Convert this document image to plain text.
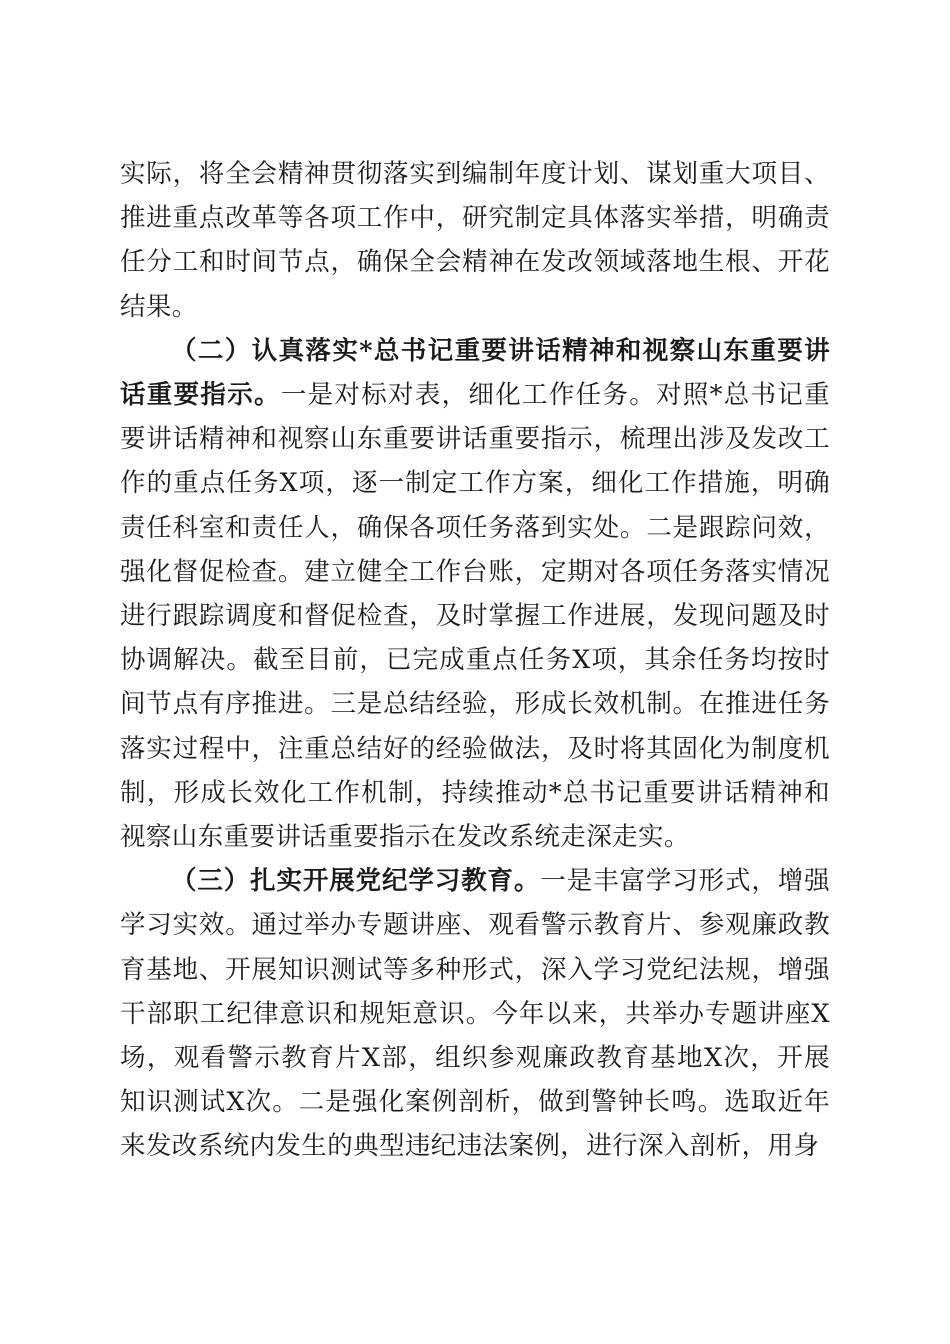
实际，将全会精神贯彻落实到编制年度计划、谋划重大项目、推进重点改革等各项工作中，研究制定具体落实举措，明确责任分工和时间节点，确保全会精神在发改领域落地生根、开花结果。

（二）认真落实*总书记重要讲话精神和视察山东重要讲话重要指示。一是对标对表，细化工作任务。对照*总书记重要讲话精神和视察山东重要讲话重要指示，梳理出涉及发改工作的重点任务X项，逐一制定工作方案，细化工作措施，明确责任科室和责任人，确保各项任务落到实处。二是跟踪问效，强化督促检查。建立健全工作台账，定期对各项任务落实情况进行跟踪调度和督促检查，及时掌握工作进展，发现问题及时协调解决。截至目前，已完成重点任务X项，其余任务均按时间节点有序推进。三是总结经验，形成长效机制。在推进任务落实过程中，注重总结好的经验做法，及时将其固化为制度机制，形成长效化工作机制，持续推动*总书记重要讲话精神和视察山东重要讲话重要指示在发改系统走深走实。

（三）扎实开展党纪学习教育。一是丰富学习形式，增强学习实效。通过举办专题讲座、观看警示教育片、参观廉政教育基地、开展知识测试等多种形式，深入学习党纪法规，增强干部职工纪律意识和规矩意识。今年以来，共举办专题讲座X场，观看警示教育片X部，组织参观廉政教育基地X次，开展知识测试X次。二是强化案例剖析，做到警钟长鸣。选取近年来发改系统内发生的典型违纪违法案例，进行深入剖析，用身
